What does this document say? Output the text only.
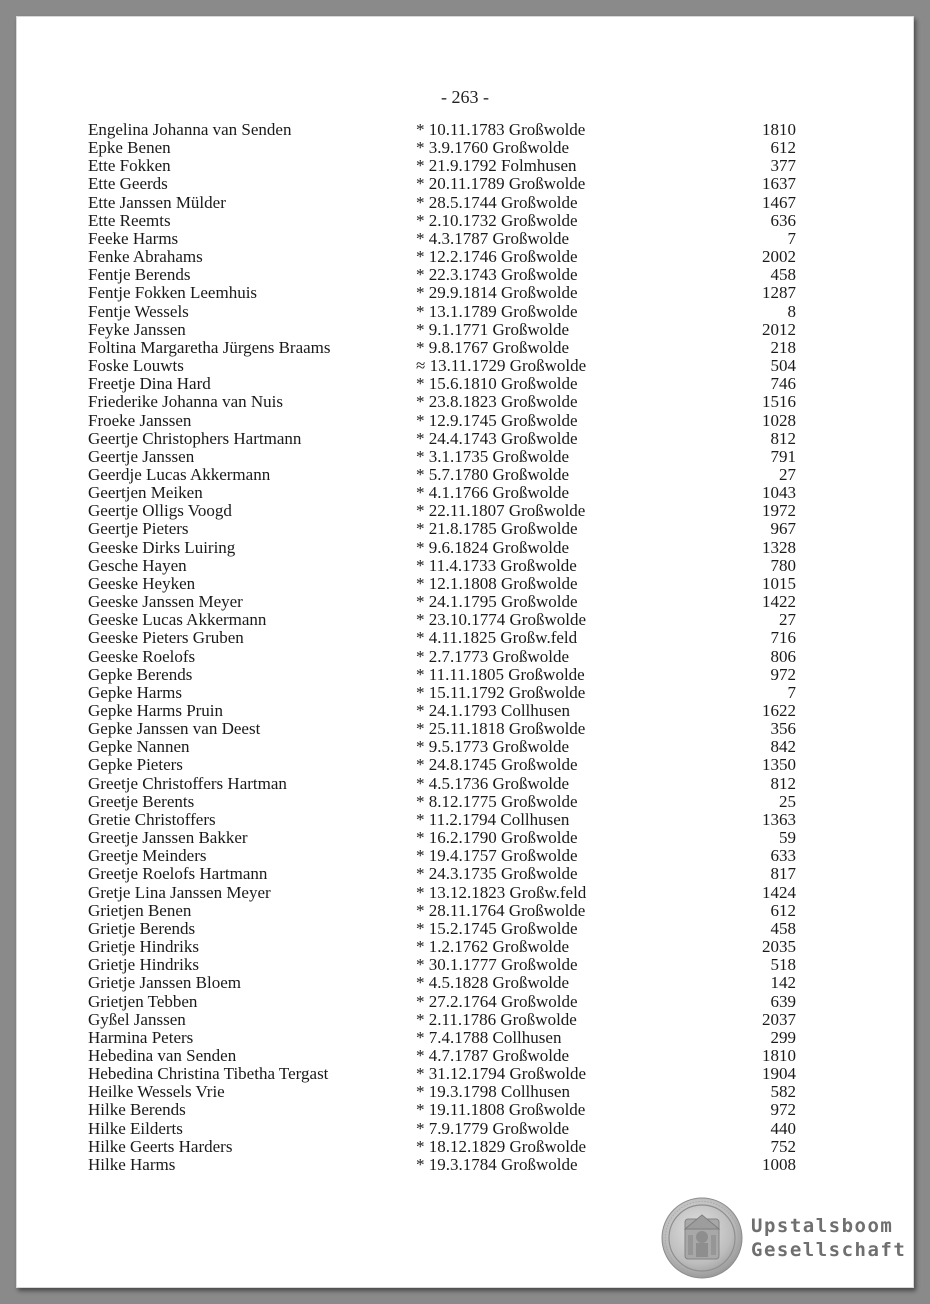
- 263 -
Engelina Johanna van Senden	* 10.11.1783 Großwolde	1810
Epke Benen	* 3.9.1760 Großwolde	612
Ette Fokken	* 21.9.1792 Folmhusen	377
Ette Geerds	* 20.11.1789 Großwolde	1637
Ette Janssen Mülder	* 28.5.1744 Großwolde	1467
Ette Reemts	* 2.10.1732 Großwolde	636
Feeke Harms	* 4.3.1787 Großwolde	7
Fenke Abrahams	* 12.2.1746 Großwolde	2002
Fentje Berends	* 22.3.1743 Großwolde	458
Fentje Fokken Leemhuis	* 29.9.1814 Großwolde	1287
Fentje Wessels	* 13.1.1789 Großwolde	8
Feyke Janssen	* 9.1.1771 Großwolde	2012
Foltina Margaretha Jürgens Braams	* 9.8.1767 Großwolde	218
Foske Louwts	≈ 13.11.1729 Großwolde	504
Freetje Dina Hard	* 15.6.1810 Großwolde	746
Friederike Johanna van Nuis	* 23.8.1823 Großwolde	1516
Froeke Janssen	* 12.9.1745 Großwolde	1028
Geertje Christophers Hartmann	* 24.4.1743 Großwolde	812
Geertje Janssen	* 3.1.1735 Großwolde	791
Geerdje Lucas Akkermann	* 5.7.1780 Großwolde	27
Geertjen Meiken	* 4.1.1766 Großwolde	1043
Geertje Olligs Voogd	* 22.11.1807 Großwolde	1972
Geertje Pieters	* 21.8.1785 Großwolde	967
Geeske Dirks Luiring	* 9.6.1824 Großwolde	1328
Gesche Hayen	* 11.4.1733 Großwolde	780
Geeske Heyken	* 12.1.1808 Großwolde	1015
Geeske Janssen Meyer	* 24.1.1795 Großwolde	1422
Geeske Lucas Akkermann	* 23.10.1774 Großwolde	27
Geeske Pieters Gruben	* 4.11.1825 Großw.feld	716
Geeske Roelofs	* 2.7.1773 Großwolde	806
Gepke Berends	* 11.11.1805 Großwolde	972
Gepke Harms	* 15.11.1792 Großwolde	7
Gepke Harms Pruin	* 24.1.1793 Collhusen	1622
Gepke Janssen van Deest	* 25.11.1818 Großwolde	356
Gepke Nannen	* 9.5.1773 Großwolde	842
Gepke Pieters	* 24.8.1745 Großwolde	1350
Greetje Christoffers Hartman	* 4.5.1736 Großwolde	812
Greetje Berents	* 8.12.1775 Großwolde	25
Gretie Christoffers	* 11.2.1794 Collhusen	1363
Greetje Janssen Bakker	* 16.2.1790 Großwolde	59
Greetje Meinders	* 19.4.1757 Großwolde	633
Greetje Roelofs Hartmann	* 24.3.1735 Großwolde	817
Gretje Lina Janssen Meyer	* 13.12.1823 Großw.feld	1424
Grietjen Benen	* 28.11.1764 Großwolde	612
Grietje Berends	* 15.2.1745 Großwolde	458
Grietje Hindriks	* 1.2.1762 Großwolde	2035
Grietje Hindriks	* 30.1.1777 Großwolde	518
Grietje Janssen Bloem	* 4.5.1828 Großwolde	142
Grietjen Tebben	* 27.2.1764 Großwolde	639
Gyßel Janssen	* 2.11.1786 Großwolde	2037
Harmina Peters	* 7.4.1788 Collhusen	299
Hebedina van Senden	* 4.7.1787 Großwolde	1810
Hebedina Christina Tibetha Tergast	* 31.12.1794 Großwolde	1904
Heilke Wessels Vrie	* 19.3.1798 Collhusen	582
Hilke Berends	* 19.11.1808 Großwolde	972
Hilke Eilderts	* 7.9.1779 Großwolde	440
Hilke Geerts Harders	* 18.12.1829 Großwolde	752
Hilke Harms	* 19.3.1784 Großwolde	1008
Upstalsboom
Gesellschaft
